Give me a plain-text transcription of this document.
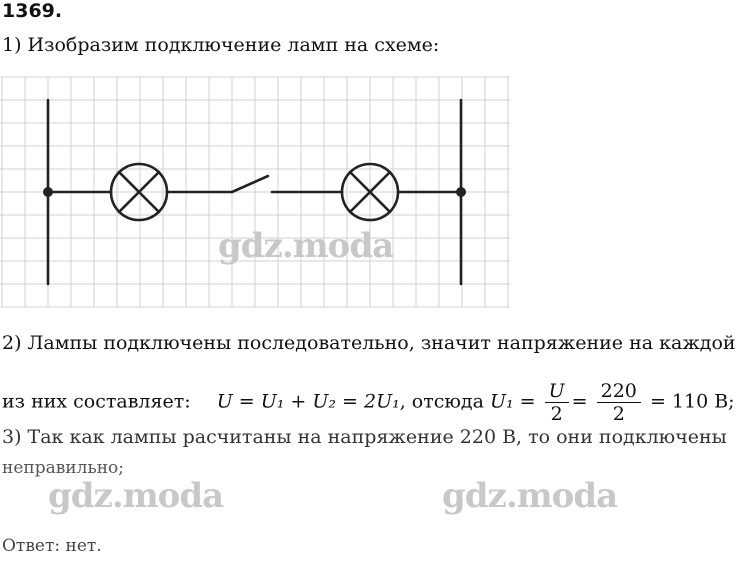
1369.
1) Изобразим подключение ламп на схеме:
gdz.moda
2) Лампы подключены последовательно, значит напряжение на каждой
из них составляет: U = U₁ + U₂ = 2U₁, отсюда $U_1 = \frac{U}{2} = \frac{220}{2} = 110$ В;
3) Так как лампы расчитаны на напряжение 220 В, то они подключены
неправильно;
gdz.moda	gdz.moda
Ответ: нет.
